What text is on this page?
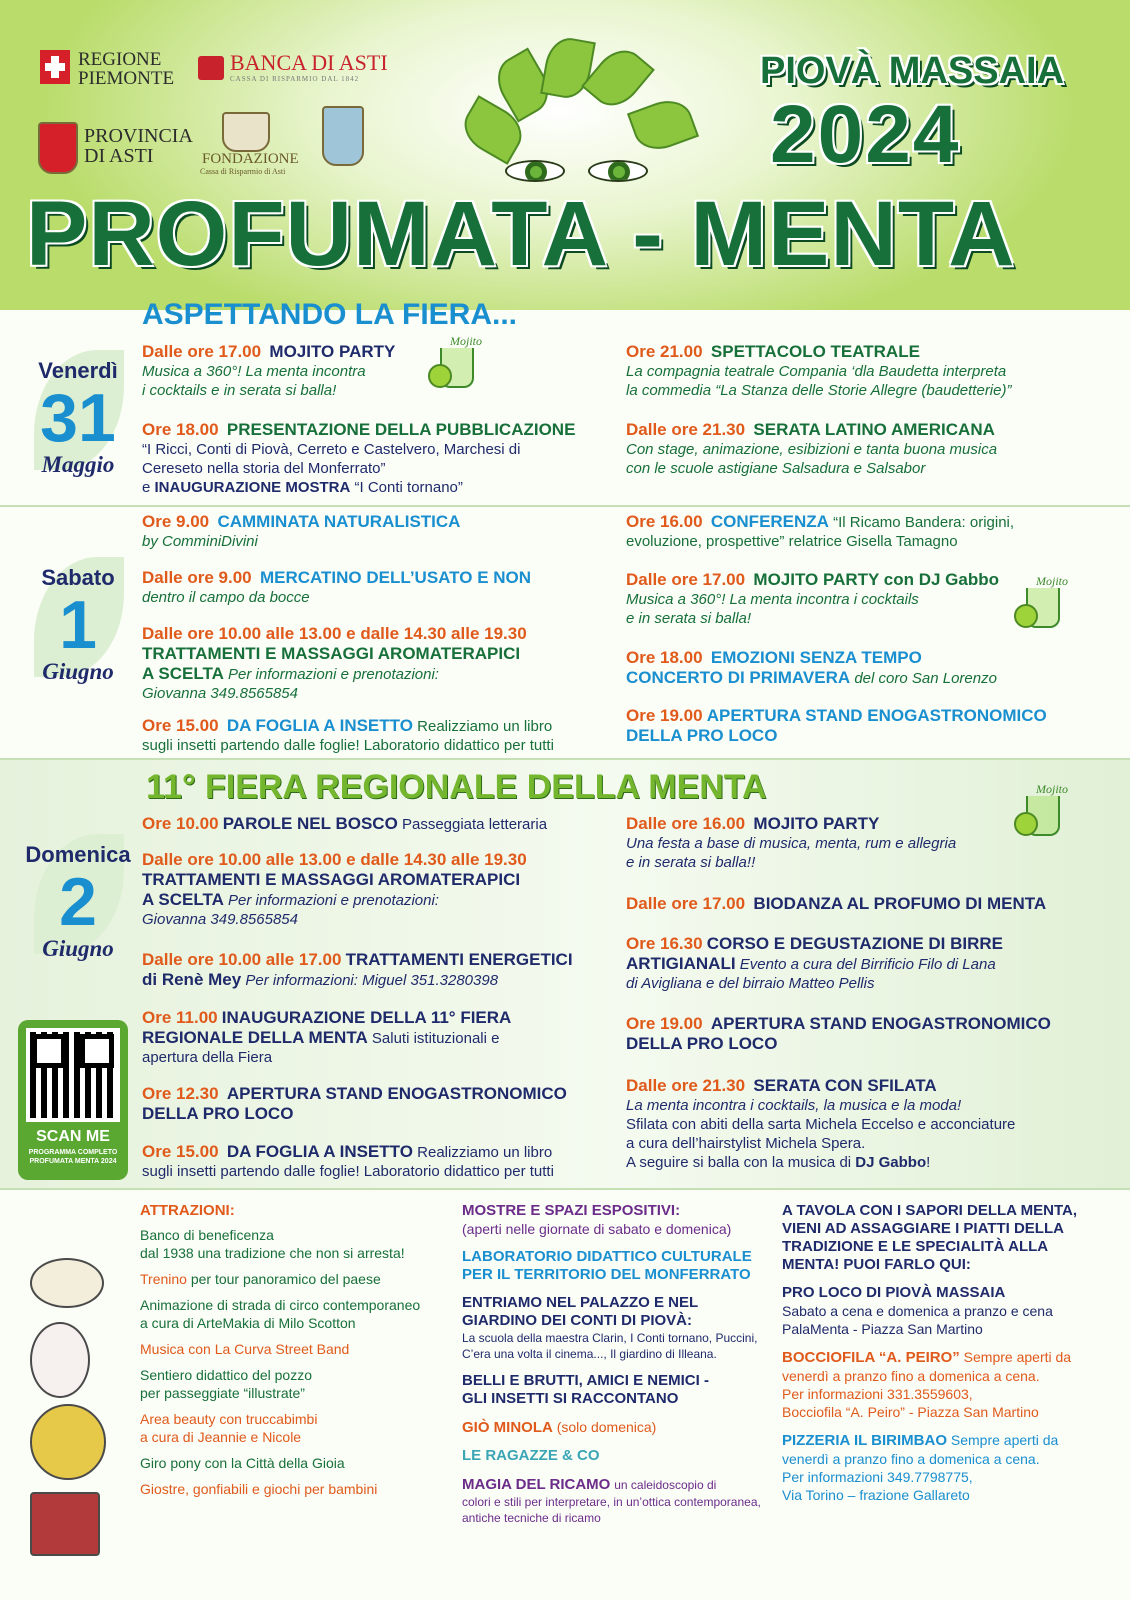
REGIONE
PIEMONTE
BANCA DI ASTI
CASSA DI RISPARMIO DAL 1842
PROVINCIA
DI ASTI	FONDAZIONE
Cassa di Risparmio di Asti
PIOVÀ MASSAIA
2024
PROFUMATA - MENTA
ASPETTANDO LA FIERA...
Venerdì
31
Maggio
Dalle ore 17.00 MOJITO PARTY
Musica a 360°! La menta incontra
i cocktails e in serata si balla!
Mojito
Ore 18.00 PRESENTAZIONE DELLA PUBBLICAZIONE
“I Ricci, Conti di Piovà, Cerreto e Castelvero, Marchesi di
Cereseto nella storia del Monferrato”
e INAUGURAZIONE MOSTRA “I Conti tornano”
Ore 21.00 SPETTACOLO TEATRALE
La compagnia teatrale Compania ‘dla Baudetta interpreta
la commedia “La Stanza delle Storie Allegre (baudetterie)”
Dalle ore 21.30 SERATA LATINO AMERICANA
Con stage, animazione, esibizioni e tanta buona musica
con le scuole astigiane Salsadura e Salsabor
Sabato
1
Giugno
Ore 9.00 CAMMINATA NATURALISTICA
by ComminiDivini
Dalle ore 9.00 MERCATINO DELL’USATO E NON
dentro il campo da bocce
Dalle ore 10.00 alle 13.00 e dalle 14.30 alle 19.30
TRATTAMENTI E MASSAGGI AROMATERAPICI
A SCELTA Per informazioni e prenotazioni:
Giovanna 349.8565854
Ore 15.00 DA FOGLIA A INSETTO Realizziamo un libro
sugli insetti partendo dalle foglie! Laboratorio didattico per tutti
Ore 16.00 CONFERENZA “Il Ricamo Bandera: origini,
evoluzione, prospettive” relatrice Gisella Tamagno
Dalle ore 17.00 MOJITO PARTY con DJ Gabbo
Musica a 360°! La menta incontra i cocktails
e in serata si balla!
Mojito
Ore 18.00 EMOZIONI SENZA TEMPO
CONCERTO DI PRIMAVERA del coro San Lorenzo
Ore 19.00 APERTURA STAND ENOGASTRONOMICO
DELLA PRO LOCO
11° FIERA REGIONALE DELLA MENTA	Mojito
Domenica
2
Giugno
Ore 10.00 PAROLE NEL BOSCO Passeggiata letteraria
Dalle ore 10.00 alle 13.00 e dalle 14.30 alle 19.30
TRATTAMENTI E MASSAGGI AROMATERAPICI
A SCELTA Per informazioni e prenotazioni:
Giovanna 349.8565854
Dalle ore 10.00 alle 17.00 TRATTAMENTI ENERGETICI
di Renè Mey Per informazioni: Miguel 351.3280398
Ore 11.00 INAUGURAZIONE DELLA 11° FIERA
REGIONALE DELLA MENTA Saluti istituzionali e
apertura della Fiera
Ore 12.30 APERTURA STAND ENOGASTRONOMICO
DELLA PRO LOCO
Ore 15.00 DA FOGLIA A INSETTO Realizziamo un libro
sugli insetti partendo dalle foglie! Laboratorio didattico per tutti
Dalle ore 16.00 MOJITO PARTY
Una festa a base di musica, menta, rum e allegria
e in serata si balla!!
Dalle ore 17.00 BIODANZA AL PROFUMO DI MENTA
Ore 16.30 CORSO E DEGUSTAZIONE DI BIRRE
ARTIGIANALI Evento a cura del Birrificio Filo di Lana
di Avigliana e del birraio Matteo Pellis
Ore 19.00 APERTURA STAND ENOGASTRONOMICO
DELLA PRO LOCO
Dalle ore 21.30 SERATA CON SFILATA
La menta incontra i cocktails, la musica e la moda!
Sfilata con abiti della sarta Michela Eccelso e acconciature
a cura dell’hairstylist Michela Spera.
A seguire si balla con la musica di DJ Gabbo!
SCAN ME
PROGRAMMA COMPLETO
PROFUMATA MENTA 2024
ATTRAZIONI:
Banco di beneficenza
dal 1938 una tradizione che non si arresta!
Trenino per tour panoramico del paese
Animazione di strada di circo contemporaneo
a cura di ArteMakia di Milo Scotton
Musica con La Curva Street Band
Sentiero didattico del pozzo
per passeggiate “illustrate”
Area beauty con truccabimbi
a cura di Jeannie e Nicole
Giro pony con la Città della Gioia
Giostre, gonfiabili e giochi per bambini
MOSTRE E SPAZI ESPOSITIVI:
(aperti nelle giornate di sabato e domenica)
LABORATORIO DIDATTICO CULTURALE
PER IL TERRITORIO DEL MONFERRATO
ENTRIAMO NEL PALAZZO E NEL
GIARDINO DEI CONTI DI PIOVÀ:
La scuola della maestra Clarin, I Conti tornano, Puccini,
C’era una volta il cinema..., Il giardino di Illeana.
BELLI E BRUTTI, AMICI E NEMICI -
GLI INSETTI SI RACCONTANO
GIÒ MINOLA (solo domenica)
LE RAGAZZE & CO
MAGIA DEL RICAMO un caleidoscopio di
colori e stili per interpretare, in un’ottica contemporanea,
antiche tecniche di ricamo
A TAVOLA CON I SAPORI DELLA MENTA,
VIENI AD ASSAGGIARE I PIATTI DELLA
TRADIZIONE E LE SPECIALITÀ ALLA
MENTA! PUOI FARLO QUI:
PRO LOCO DI PIOVÀ MASSAIA
Sabato a cena e domenica a pranzo e cena
PalaMenta - Piazza San Martino
BOCCIOFILA “A. PEIRO” Sempre aperti da
venerdì a pranzo fino a domenica a cena.
Per informazioni 331.3559603,
Bocciofila “A. Peiro” - Piazza San Martino
PIZZERIA IL BIRIMBAO Sempre aperti da
venerdì a pranzo fino a domenica a cena.
Per informazioni 349.7798775,
Via Torino – frazione Gallareto
